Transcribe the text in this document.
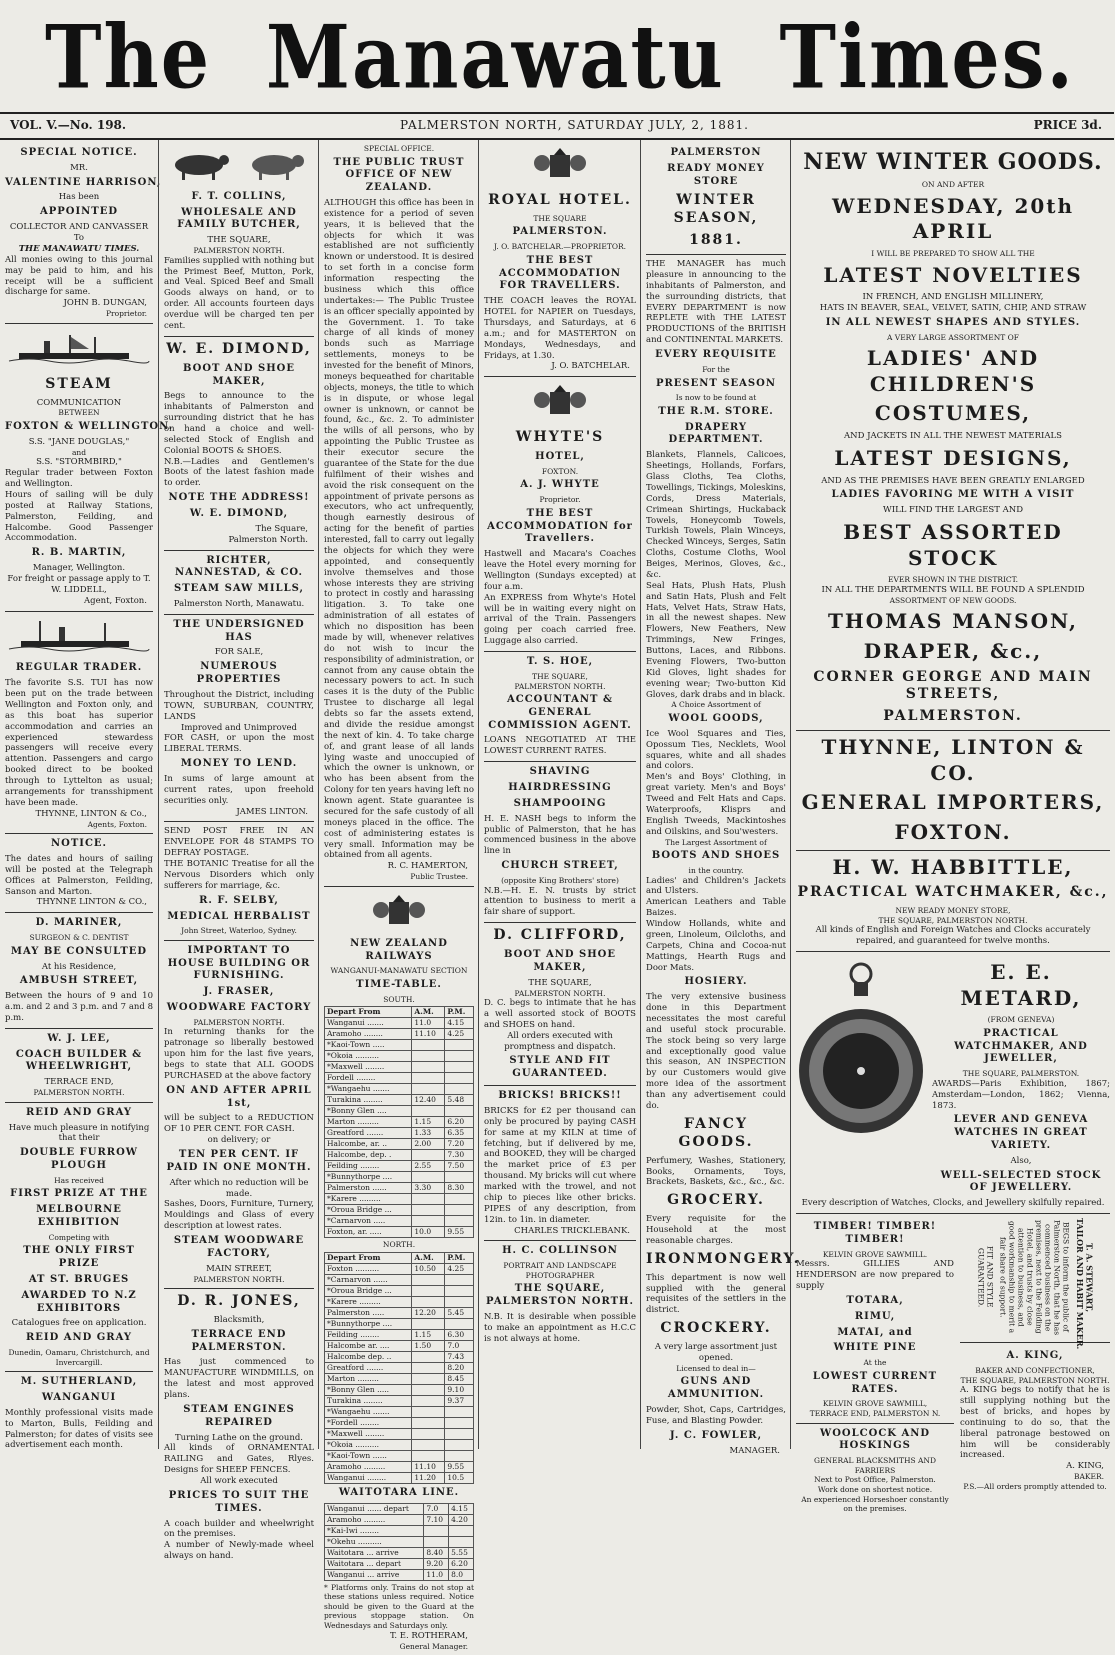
The Manawatu Times.
VOL. V.—No. 198.	PALMERSTON NORTH, SATURDAY JULY, 2, 1881.	PRICE 3d.
SPECIAL NOTICE.
MR.
VALENTINE HARRISON,
Has been
APPOINTED
COLLECTOR AND CANVASSER
To
THE MANAWATU TIMES.
All monies owing to this journal may be paid to him, and his receipt will be a sufficient discharge for same.
JOHN B. DUNGAN,
Proprietor.
STEAM
COMMUNICATION
BETWEEN
FOXTON & WELLINGTON.
S.S. "JANE DOUGLAS,"
and
S.S. "STORMBIRD,"
Regular trader between Foxton and Wellington.
Hours of sailing will be duly posted at Railway Stations, Palmerston, Feilding, and Halcombe. Good Passenger Accommodation.
R. B. MARTIN,
Manager, Wellington.
For freight or passage apply to T. W. LIDDELL,
Agent, Foxton.
REGULAR TRADER.
The favorite S.S. TUI has now been put on the trade between Wellington and Foxton only, and as this boat has superior accommodation and carries an experienced stewardess passengers will receive every attention. Passengers and cargo booked direct to be booked through to Lyttelton as usual; arrangements for transshipment have been made.
THYNNE, LINTON & Co.,
Agents, Foxton.
NOTICE.
The dates and hours of sailing will be posted at the Telegraph Offices at Palmerston, Feilding, Sanson and Marton.
THYNNE LINTON & CO.,
D. MARINER,
SURGEON & C. DENTIST
MAY BE CONSULTED
At his Residence,
AMBUSH STREET,
Between the hours of 9 and 10 a.m. and 2 and 3 p.m. and 7 and 8 p.m.
W. J. LEE,
COACH BUILDER & WHEELWRIGHT,
TERRACE END,
PALMERSTON NORTH.
REID AND GRAY
Have much pleasure in notifying that their
DOUBLE FURROW PLOUGH
Has received
FIRST PRIZE AT THE
MELBOURNE EXHIBITION
Competing with
THE ONLY FIRST PRIZE
AT ST. BRUGES
AWARDED TO N.Z EXHIBITORS
Catalogues free on application.
REID AND GRAY
Dunedin, Oamaru, Christchurch, and Invercargill.
M. SUTHERLAND,
WANGANUI
Monthly professional visits made to Marton, Bulls, Feilding and Palmerston; for dates of visits see advertisement each month.
F. T. COLLINS,
WHOLESALE AND FAMILY BUTCHER,
THE SQUARE,
PALMERSTON NORTH.
Families supplied with nothing but the Primest Beef, Mutton, Pork, and Veal. Spiced Beef and Small Goods always on hand, or to order. All accounts fourteen days overdue will be charged ten per cent.
W. E. DIMOND,
BOOT AND SHOE MAKER,
Begs to announce to the inhabitants of Palmerston and surrounding district that he has on hand a choice and well-selected Stock of English and Colonial BOOTS & SHOES.
N.B.—Ladies and Gentlemen's Boots of the latest fashion made to order.
NOTE THE ADDRESS!
W. E. DIMOND,
The Square,
Palmerston North.
RICHTER, NANNESTAD, & CO.
STEAM SAW MILLS,
Palmerston North, Manawatu.
THE UNDERSIGNED HAS
FOR SALE,
NUMEROUS PROPERTIES
Throughout the District, including TOWN, SUBURBAN, COUNTRY, LANDS
Improved and Unimproved
FOR CASH, or upon the most LIBERAL TERMS.
MONEY TO LEND.
In sums of large amount at current rates, upon freehold securities only.
JAMES LINTON.
SEND POST FREE IN AN ENVELOPE FOR 48 STAMPS TO DEFRAY POSTAGE.
THE BOTANIC Treatise for all the Nervous Disorders which only sufferers for marriage, &c.
R. F. SELBY,
MEDICAL HERBALIST
John Street, Waterloo, Sydney.
IMPORTANT TO HOUSE BUILDING OR FURNISHING.
J. FRASER,
WOODWARE FACTORY
PALMERSTON NORTH.
In returning thanks for the patronage so liberally bestowed upon him for the last five years, begs to state that ALL GOODS PURCHASED at the above factory
ON AND AFTER APRIL 1st,
will be subject to a REDUCTION OF 10 PER CENT. FOR CASH.
on delivery; or
TEN PER CENT. IF PAID IN ONE MONTH.
After which no reduction will be made.
Sashes, Doors, Furniture, Turnery, Mouldings and Glass of every description at lowest rates.
STEAM WOODWARE FACTORY,
MAIN STREET,
PALMERSTON NORTH.
D. R. JONES,
Blacksmith,
TERRACE END PALMERSTON.
Has just commenced to MANUFACTURE WINDMILLS, on the latest and most approved plans.
STEAM ENGINES REPAIRED
Turning Lathe on the ground.
All kinds of ORNAMENTAL RAILING and Gates, Rlyes. Designs for SHEEP FENCES.
All work executed
PRICES TO SUIT THE TIMES.
A coach builder and wheelwright on the premises.
A number of Newly-made wheel always on hand.
SPECIAL OFFICE.
THE PUBLIC TRUST OFFICE OF NEW ZEALAND.
ALTHOUGH this office has been in existence for a period of seven years, it is believed that the objects for which it was established are not sufficiently known or understood. It is desired to set forth in a concise form information respecting the business which this office undertakes:— The Public Trustee is an officer specially appointed by the Government. 1. To take charge of all kinds of money bonds such as Marriage settlements, moneys to be invested for the benefit of Minors, moneys bequeathed for charitable objects, moneys, the title to which is in dispute, or whose legal owner is unknown, or cannot be found, &c., &c. 2. To administer the wills of all persons, who by appointing the Public Trustee as their executor secure the guarantee of the State for the due fulfilment of their wishes and avoid the risk consequent on the appointment of private persons as executors, who act unfrequently, though earnestly desirous of acting for the benefit of parties interested, fall to carry out legally the objects for which they were appointed, and consequently involve themselves and those whose interests they are striving to protect in costly and harassing litigation. 3. To take one administration of all estates of which no disposition has been made by will, whenever relatives do not wish to incur the responsibility of administration, or cannot from any cause obtain the necessary powers to act. In such cases it is the duty of the Public Trustee to discharge all legal debts so far the assets extend, and divide the residue amongst the next of kin. 4. To take charge of, and grant lease of all lands lying waste and unoccupied of which the owner is unknown, or who has been absent from the Colony for ten years having left no known agent. State guarantee is secured for the safe custody of all moneys placed in the office. The cost of administering estates is very small. Information may be obtained from all agents.
R. C. HAMERTON,
Public Trustee.
NEW ZEALAND RAILWAYS
WANGANUI-MANAWATU SECTION
TIME-TABLE.
SOUTH.
Depart From	A.M.	P.M.
Wanganui .......	11.0	4.15
Aramoho ........	11.10	4.25
*Kaoi-Town .....		
*Okoia ..........		
*Maxwell ........		
Fordell ........		
*Wangaehu .......		
Turakina ........	12.40	5.48
*Bonny Glen ....		
Marton .........	1.15	6.20
Greatford .......	1.33	6.35
Halcombe, ar. ..	2.00	7.20
Halcombe, dep. .		7.30
Feilding ........	2.55	7.50
*Bunnythorpe ....		
Palmerston ......	3.30	8.30
*Karere .........		
*Oroua Bridge ...		
*Carnarvon .....		
Foxton, ar. .....	10.0	9.55
NORTH.
Depart From	A.M.	P.M.
Foxton ..........	10.50	4.25
*Carnarvon ......		
*Oroua Bridge ...		
*Karere .........		
Palmerston .....	12.20	5.45
*Bunnythorpe ....		
Feilding ........	1.15	6.30
Halcombe ar. ....	1.50	7.0
Halcombe dep. ..		7.43
Greatford .......		8.20
Marton .........		8.45
*Bonny Glen .....		9.10
Turakina ........		9.37
*Wangaehu .......		
*Fordell ........		
*Maxwell ........		
*Okoia ..........		
*Kaoi-Town ......		
Aramoho .........	11.10	9.55
Wanganui ........	11.20	10.5
WAITOTARA LINE.
Wanganui ...... depart	7.0	4.15
Aramoho .........	7.10	4.20
*Kai-Iwi ........		
*Okehu ..........		
Waitotara ... arrive	8.40	5.55
Waitotara ... depart	9.20	6.20
Wanganui ... arrive	11.0	8.0
* Platforms only. Trains do not stop at these stations unless required. Notice should be given to the Guard at the previous stoppage station. On Wednesdays and Saturdays only.
T. E. ROTHERAM,
General Manager.
ROYAL HOTEL.
THE SQUARE
PALMERSTON.
J. O. BATCHELAR.—PROPRIETOR.
THE BEST ACCOMMODATION FOR TRAVELLERS.
THE COACH leaves the ROYAL HOTEL for NAPIER on Tuesdays, Thursdays, and Saturdays, at 6 a.m.; and for MASTERTON on Mondays, Wednesdays, and Fridays, at 1.30.
J. O. BATCHELAR.
WHYTE'S
HOTEL,
FOXTON.
A. J. WHYTE
Proprietor.
THE BEST ACCOMMODATION for Travellers.
Hastwell and Macara's Coaches leave the Hotel every morning for Wellington (Sundays excepted) at four a.m.
An EXPRESS from Whyte's Hotel will be in waiting every night on arrival of the Train. Passengers going per coach carried free. Luggage also carried.
T. S. HOE,
THE SQUARE,
PALMERSTON NORTH.
ACCOUNTANT & GENERAL COMMISSION AGENT.
LOANS NEGOTIATED AT THE LOWEST CURRENT RATES.
SHAVING
HAIRDRESSING
SHAMPOOING
H. E. NASH begs to inform the public of Palmerston, that he has commenced business in the above line in
CHURCH STREET,
(opposite King Brothers' store)
N.B.—H. E. N. trusts by strict attention to business to merit a fair share of support.
D. CLIFFORD,
BOOT AND SHOE MAKER,
THE SQUARE,
PALMERSTON NORTH.
D. C. begs to intimate that he has a well assorted stock of BOOTS and SHOES on hand.
All orders executed with promptness and dispatch.
STYLE AND FIT GUARANTEED.
BRICKS! BRICKS!!
BRICKS for £2 per thousand can only be procured by paying CASH for same at my KILN at time of fetching, but if delivered by me, and BOOKED, they will be charged the market price of £3 per thousand. My bricks will cut where marked with the trowel, and not chip to pieces like other bricks. PIPES of any description, from 12in. to 1in. in diameter.
CHARLES TRICKLEBANK.
H. C. COLLINSON
PORTRAIT AND LANDSCAPE
PHOTOGRAPHER
THE SQUARE, PALMERSTON NORTH.
N.B. It is desirable when possible to make an appointment as H.C.C is not always at home.
PALMERSTON
READY MONEY STORE
WINTER SEASON,
1881.
THE MANAGER has much pleasure in announcing to the inhabitants of Palmerston, and the surrounding districts, that EVERY DEPARTMENT is now REPLETE with THE LATEST PRODUCTIONS of the BRITISH and CONTINENTAL MARKETS.
EVERY REQUISITE
For the
PRESENT SEASON
Is now to be found at
THE R.M. STORE.
DRAPERY DEPARTMENT.
Blankets, Flannels, Calicoes, Sheetings, Hollands, Forfars, Glass Cloths, Tea Cloths, Towellings, Tickings, Moleskins, Cords, Dress Materials, Crimean Shirtings, Huckaback Towels, Honeycomb Towels, Turkish Towels, Plain Winceys, Checked Winceys, Serges, Satin Cloths, Costume Cloths, Wool Beiges, Merinos, Gloves, &c., &c.
Seal Hats, Plush Hats, Plush and Satin Hats, Plush and Felt Hats, Velvet Hats, Straw Hats, in all the newest shapes. New Flowers, New Feathers, New Trimmings, New Fringes, Buttons, Laces, and Ribbons. Evening Flowers, Two-button Kid Gloves, light shades for evening wear; Two-button Kid Gloves, dark drabs and in black.
A Choice Assortment of
WOOL GOODS,
Ice Wool Squares and Ties, Opossum Ties, Necklets, Wool squares, white and all shades and colors.
Men's and Boys' Clothing, in great variety. Men's and Boys' Tweed and Felt Hats and Caps. Waterproofs, Klisprs and English Tweeds, Mackintoshes and Oilskins, and Sou'westers.
The Largest Assortment of
BOOTS AND SHOES
in the country.
Ladies' and Children's Jackets and Ulsters.
American Leathers and Table Baizes.
Window Hollands, white and green, Linoleum, Oilcloths, and Carpets, China and Cocoa-nut Mattings, Hearth Rugs and Door Mats.
HOSIERY.
The very extensive business done in this Department necessitates the most careful and useful stock procurable. The stock being so very large and exceptionally good value this season, AN INSPECTION by our Customers would give more idea of the assortment than any advertisement could do.
FANCY GOODS.
Perfumery, Washes, Stationery, Books, Ornaments, Toys, Brackets, Baskets, &c., &c., &c.
GROCERY.
Every requisite for the Household at the most reasonable charges.
IRONMONGERY.
This department is now well supplied with the general requisites of the settlers in the district.
CROCKERY.
A very large assortment just opened.
Licensed to deal in—
GUNS AND AMMUNITION.
Powder, Shot, Caps, Cartridges, Fuse, and Blasting Powder.
J. C. FOWLER,
MANAGER.
NEW WINTER GOODS.
ON AND AFTER
WEDNESDAY, 20th APRIL
I WILL BE PREPARED TO SHOW ALL THE
LATEST NOVELTIES
IN FRENCH, AND ENGLISH MILLINERY,
HATS IN BEAVER, SEAL, VELVET, SATIN, CHIP, AND STRAW
IN ALL NEWEST SHAPES AND STYLES.
A VERY LARGE ASSORTMENT OF
LADIES' AND CHILDREN'S
COSTUMES,
AND JACKETS IN ALL THE NEWEST MATERIALS
LATEST DESIGNS,
AND AS THE PREMISES HAVE BEEN GREATLY ENLARGED
LADIES FAVORING ME WITH A VISIT
WILL FIND THE LARGEST AND
BEST ASSORTED STOCK
EVER SHOWN IN THE DISTRICT.
IN ALL THE DEPARTMENTS WILL BE FOUND A SPLENDID
ASSORTMENT OF NEW GOODS.
THOMAS MANSON,
DRAPER, &c.,
CORNER GEORGE AND MAIN STREETS,
PALMERSTON.
THYNNE, LINTON & CO.
GENERAL IMPORTERS,
FOXTON.
H. W. HABBITTLE,
PRACTICAL WATCHMAKER, &c.,
NEW READY MONEY STORE,
THE SQUARE, PALMERSTON NORTH.
All kinds of English and Foreign Watches and Clocks accurately repaired, and guaranteed for twelve months.
E. E. METARD,
(FROM GENEVA)
PRACTICAL WATCHMAKER, AND JEWELLER,
THE SQUARE, PALMERSTON.
AWARDS—Paris Exhibition, 1867; Amsterdam—London, 1862; Vienna, 1873.
LEVER AND GENEVA WATCHES IN GREAT VARIETY.
Also,
WELL-SELECTED STOCK OF JEWELLERY.
Every description of Watches, Clocks, and Jewellery skilfully repaired.
TIMBER! TIMBER! TIMBER!
KELVIN GROVE SAWMILL.
Messrs. GILLIES AND HENDERSON are now prepared to supply
TOTARA,
RIMU,
MATAI, and
WHITE PINE
At the
LOWEST CURRENT RATES.
KELVIN GROVE SAWMILL,
TERRACE END, PALMERSTON N.
WOOLCOCK AND HOSKINGS
GENERAL BLACKSMITHS AND FARRIERS
Next to Post Office, Palmerston.
Work done on shortest notice.
An experienced Horseshoer constantly on the premises.
FIT AND STYLE GUARANTEED.	BEGS to inform the public of Palmerston North, that he has commenced business on the premises, next to the Feilding Hotel, and trusts by close attention to business, and good workmanship to merit a fair share of support.	T. A. STEWART,
TAILOR AND HABIT MAKER.
A. KING,
BAKER AND CONFECTIONER,
THE SQUARE, PALMERSTON NORTH.
A. KING begs to notify that he is still supplying nothing but the best of bricks, and hopes by continuing to do so, that the liberal patronage bestowed on him will be considerably increased.
A. KING,
BAKER.
P.S.—All orders promptly attended to.
